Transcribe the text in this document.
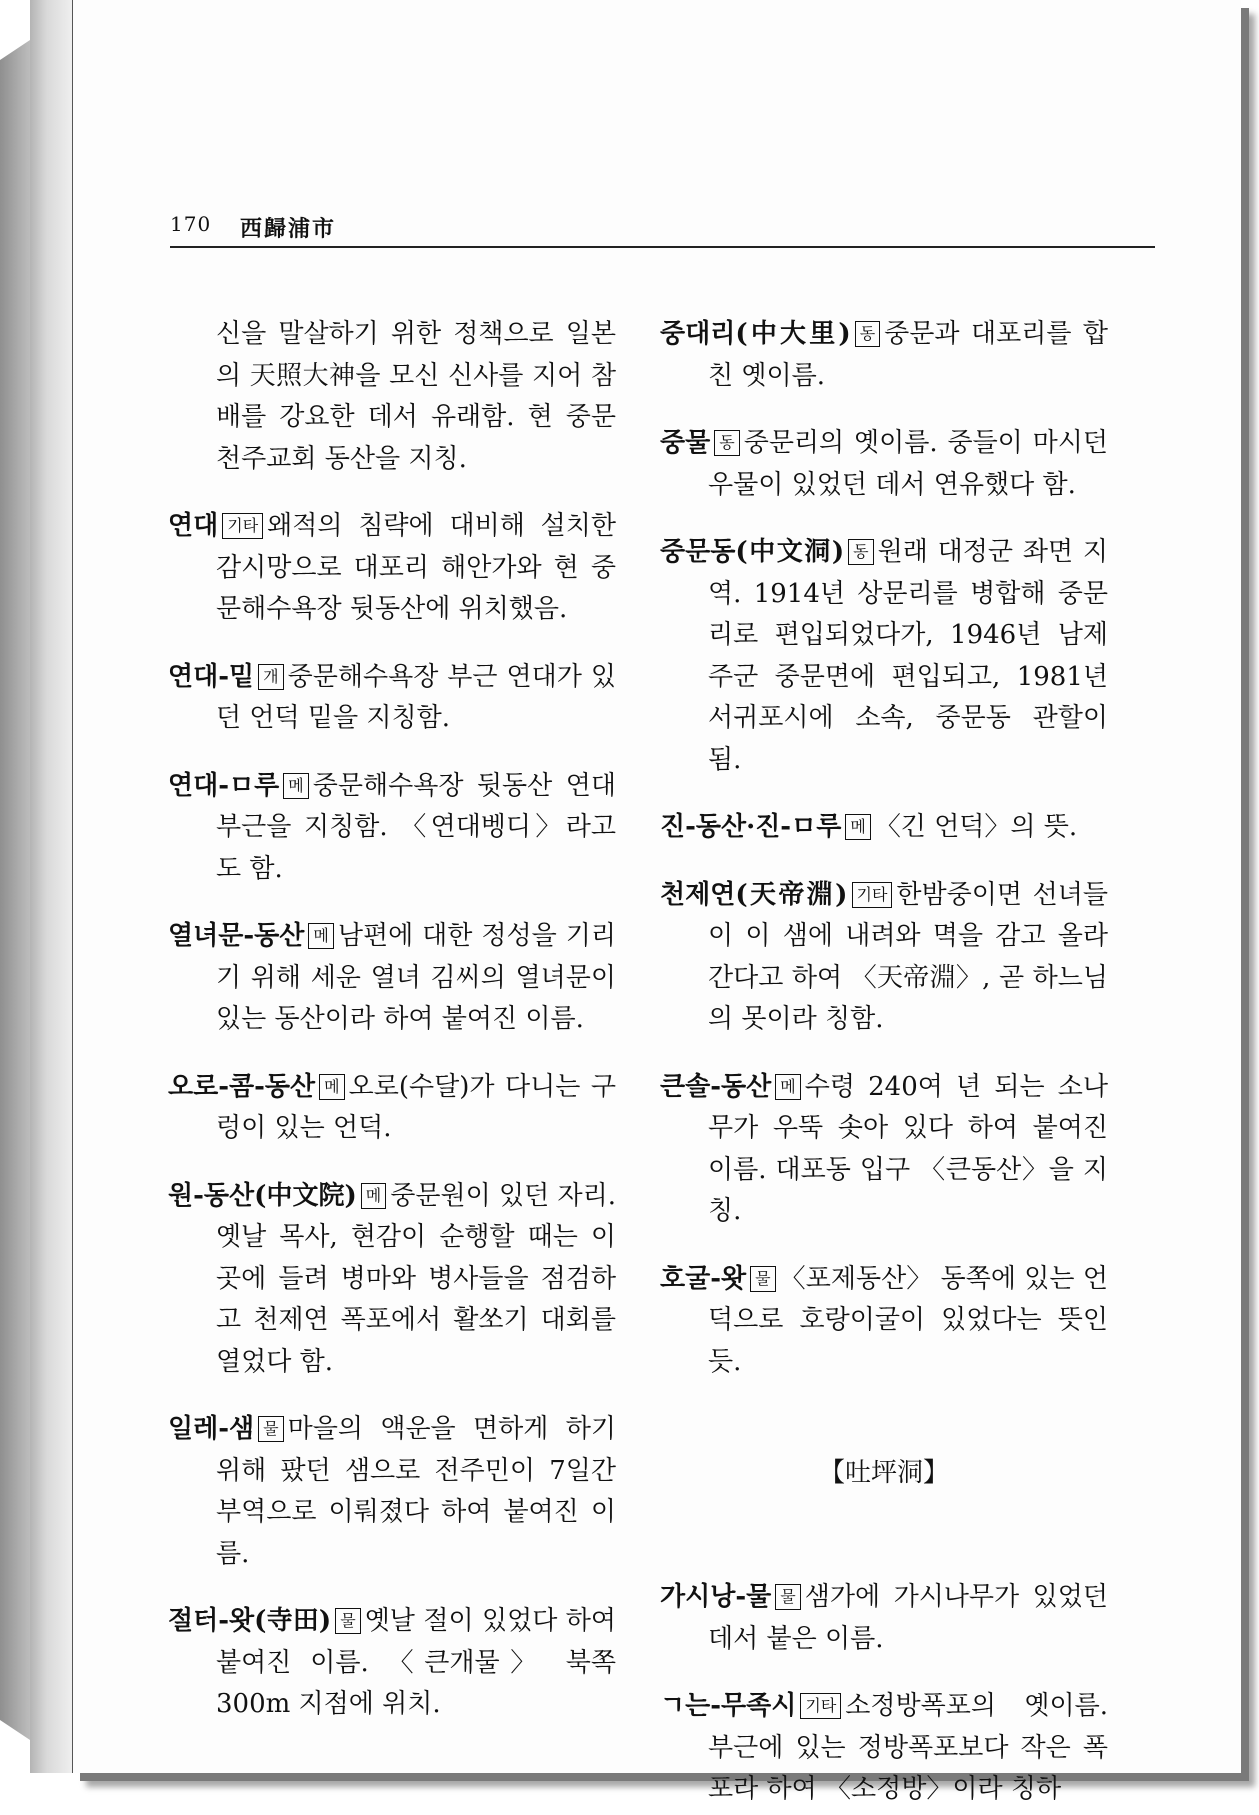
170 西歸浦市

신을 말살하기 위한 정책으로 일본의 天照大神을 모신 신사를 지어 참배를 강요한 데서 유래함. 현 중문천주교회 동산을 지칭.

연대 기타 왜적의 침략에 대비해 설치한 감시망으로 대포리 해안가와 현 중문해수욕장 뒷동산에 위치했음.

연대-밑 개 중문해수욕장 부근 연대가 있던 언덕 밑을 지칭함.

연대-ㅁ루 메 중문해수욕장 뒷동산 연대 부근을 지칭함. 〈연대벵디〉라고도 함.

열녀문-동산 메 남편에 대한 정성을 기리기 위해 세운 열녀 김씨의 열녀문이 있는 동산이라 하여 붙여진 이름.

오로-콤-동산 메 오로(수달)가 다니는 구렁이 있는 언덕.

원-동산(中文院) 메 중문원이 있던 자리. 옛날 목사, 현감이 순행할 때는 이곳에 들려 병마와 병사들을 점검하고 천제연 폭포에서 활쏘기 대회를 열었다 함.

일레-샘 물 마을의 액운을 면하게 하기 위해 팠던 샘으로 전주민이 7일간 부역으로 이뤄졌다 하여 붙여진 이름.

절터-왓(寺田) 물 옛날 절이 있었다 하여 붙여진 이름. 〈큰개물〉 북쪽 300m 지점에 위치.

중대리(中大里) 동 중문과 대포리를 합친 옛이름.

중물 동 중문리의 옛이름. 중들이 마시던 우물이 있었던 데서 연유했다 함.

중문동(中文洞) 동 원래 대정군 좌면 지역. 1914년 상문리를 병합해 중문리로 편입되었다가, 1946년 남제주군 중문면에 편입되고, 1981년 서귀포시에 소속, 중문동 관할이 됨.

진-동산·진-ㅁ루 메 〈긴 언덕〉의 뜻.

천제연(天帝淵) 기타 한밤중이면 선녀들이 이 샘에 내려와 멱을 감고 올라간다고 하여 〈天帝淵〉, 곧 하느님의 못이라 칭함.

큰솔-동산 메 수령 240여 년 되는 소나무가 우뚝 솟아 있다 하여 붙여진 이름. 대포동 입구 〈큰동산〉을 지칭.

호굴-왓 물 〈포제동산〉 동쪽에 있는 언덕으로 호랑이굴이 있었다는 뜻인 듯.

【吐坪洞】

가시낭-물 물 샘가에 가시나무가 있었던 데서 붙은 이름.

ㄱ는-무족시 기타 소정방폭포의 옛이름. 부근에 있는 정방폭포보다 작은 폭포라 하여 〈소정방〉이라 칭하
